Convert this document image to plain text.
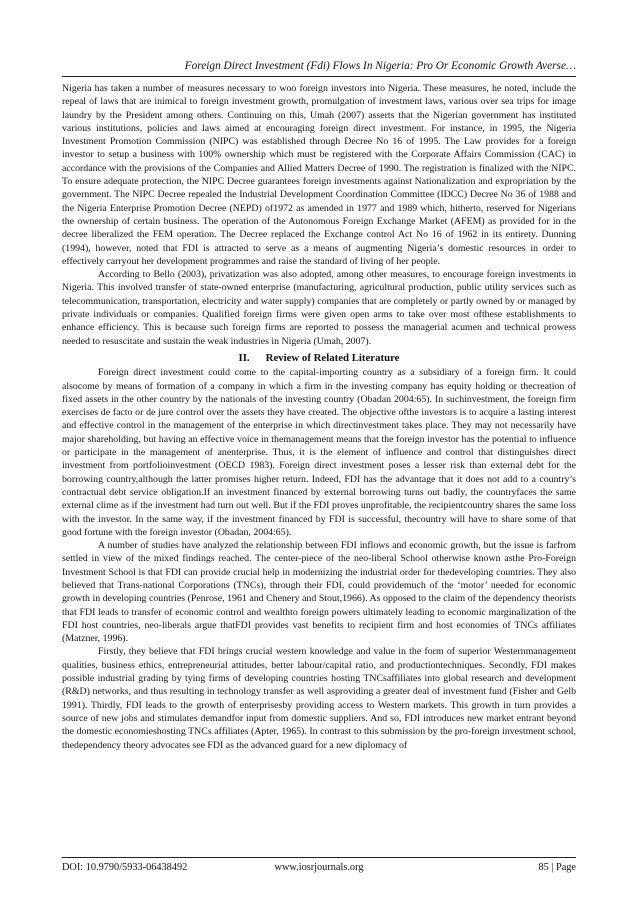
Foreign Direct Investment (Fdi) Flows In Nigeria: Pro Or Economic Growth Averse…

Nigeria has taken a number of measures necessary to woo foreign investors into Nigeria. These measures, he noted, include the repeal of laws that are inimical to foreign investment growth, promulgation of investment laws, various over sea trips for image laundry by the President among others. Continuing on this, Umah (2007) asserts that the Nigerian government has instituted various institutions, policies and laws aimed at encouraging foreign direct investment. For instance, in 1995, the Nigeria Investment Promotion Commission (NIPC) was established through Decree No 16 of 1995. The Law provides for a foreign investor to setup a business with 100% ownership which must be registered with the Corporate Affairs Commission (CAC) in accordance with the provisions of the Companies and Allied Matters Decree of 1990. The registration is finalized with the NIPC. To ensure adequate protection, the NIPC Decree guarantees foreign investments against Nationalization and expropriation by the government. The NIPC Decree repealed the Industrial Development Coordination Committee (IDCC) Decree No 36 of 1988 and the Nigeria Enterprise Promotion Decree (NEPD) of1972 as amended in 1977 and 1989 which, hitherto, reserved for Nigerians the ownership of certain business. The operation of the Autonomous Foreign Exchange Market (AFEM) as provided for in the decree liberalized the FEM operation. The Decree replaced the Exchange control Act No 16 of 1962 in its entirety. Dunning (1994), however, noted that FDI is attracted to serve as a means of augmenting Nigeria’s domestic resources in order to effectively carryout her development programmes and raise the standard of living of her people.

According to Bello (2003), privatization was also adopted, among other measures, to encourage foreign investments in Nigeria. This involved transfer of state-owned enterprise (manufacturing, agricultural production, public utility services such as telecommunication, transportation, electricity and water supply) companies that are completely or partly owned by or managed by private individuals or companies. Qualified foreign firms were given open arms to take over most ofthese establishments to enhance efficiency. This is because such foreign firms are reported to possess the managerial acumen and technical prowess needed to resuscitate and sustain the weak industries in Nigeria (Umah, 2007).

II. Review of Related Literature

Foreign direct investment could come to the capital-importing country as a subsidiary of a foreign firm. It could alsocome by means of formation of a company in which a firm in the investing company has equity holding or thecreation of fixed assets in the other country by the nationals of the investing country (Obadan 2004:65). In suchinvestment, the foreign firm exercises de facto or de jure control over the assets they have created. The objective ofthe investors is to acquire a lasting interest and effective control in the management of the enterprise in which directinvestment takes place. They may not necessarily have major shareholding, but having an effective voice in themanagement means that the foreign investor has the potential to influence or participate in the management of anenterprise. Thus, it is the element of influence and control that distinguishes direct investment from portfolioinvestment (OECD 1983). Foreign direct investment poses a lesser risk than external debt for the borrowing country,although the latter promises higher return. Indeed, FDI has the advantage that it does not add to a country’s contractual debt service obligation.If an investment financed by external borrowing turns out badly, the countryfaces the same external clime as if the investment had turn out well. But if the FDI proves unprofitable, the recipientcountry shares the same loss with the investor. In the same way, if the investment financed by FDI is successful, thecountry will have to share some of that good fortune with the foreign investor (Obadan, 2004:65).

A number of studies have analyzed the relationship between FDI inflows and economic growth, but the issue is farfrom settled in view of the mixed findings reached. The center-piece of the neo-liberal School otherwise known asthe Pro-Foreign Investment School is that FDI can provide crucial help in modernizing the industrial order for thedeveloping countries. They also believed that Trans-national Corporations (TNCs), through their FDI, could providemuch of the ‘motor’ needed for economic growth in developing countries (Penrose, 1961 and Chenery and Stout,1966). As opposed to the claim of the dependency theorists that FDI leads to transfer of economic control and wealthto foreign powers ultimately leading to economic marginalization of the FDI host countries, neo-liberals argue thatFDI provides vast benefits to recipient firm and host economies of TNCs affiliates (Matzner, 1996).

Firstly, they believe that FDI brings crucial western knowledge and value in the form of superior Westernmanagement qualities, business ethics, entrepreneurial attitudes, better labour/capital ratio, and productiontechniques. Secondly, FDI makes possible industrial grading by tying firms of developing countries hosting TNCsaffiliates into global research and development (R&D) networks, and thus resulting in technology transfer as well asproviding a greater deal of investment fund (Fisher and Gelb 1991). Thirdly, FDI leads to the growth of enterprisesby providing access to Western markets. This growth in turn provides a source of new jobs and stimulates demandfor input from domestic suppliers. And so, FDI introduces new market entrant beyond the domestic economieshosting TNCs affiliates (Apter, 1965). In contrast to this submission by the pro-foreign investment school, thedependency theory advocates see FDI as the advanced guard for a new diplomacy of

DOI: 10.9790/5933-06438492	www.iosrjournals.org	85 | Page
